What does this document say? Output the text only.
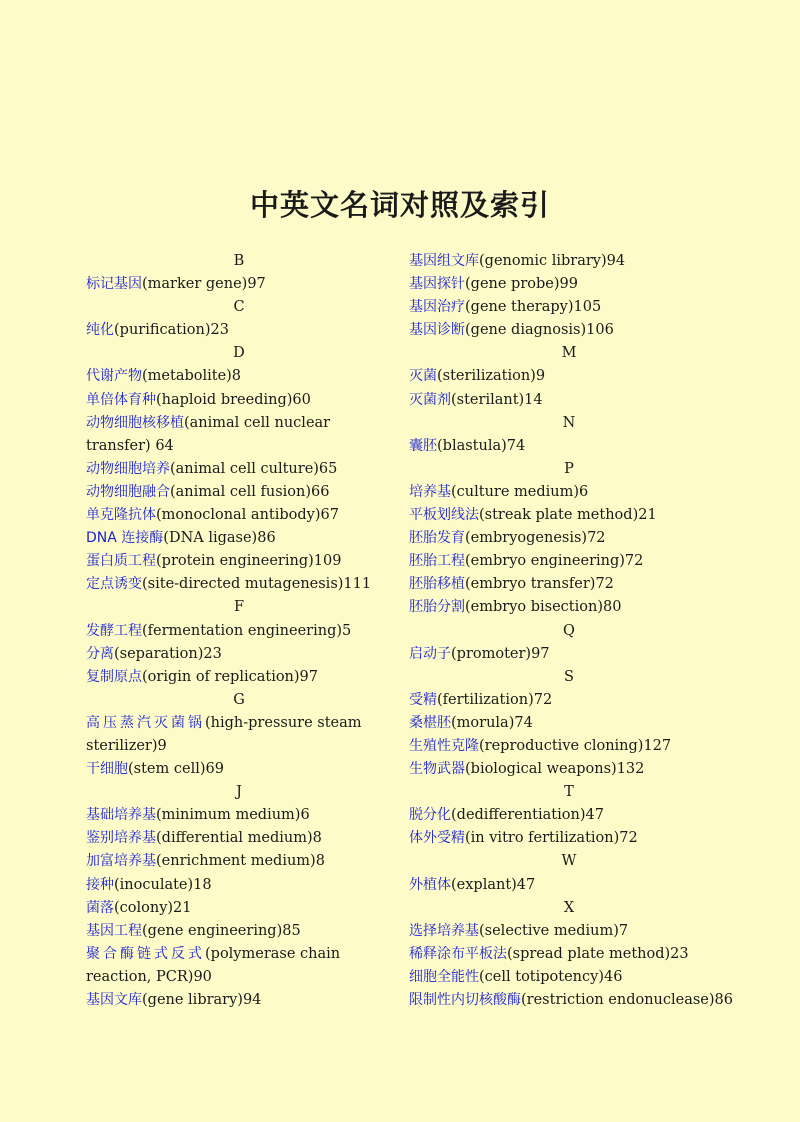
中英文名词对照及索引
B
标记基因(marker gene)97
C
纯化(purification)23
D
代谢产物(metabolite)8
单倍体育种(haploid breeding)60
动物细胞核移植(animal cell nuclear transfer) 64
动物细胞培养(animal cell culture)65
动物细胞融合(animal cell fusion)66
单克隆抗体(monoclonal antibody)67
DNA 连接酶(DNA ligase)86
蛋白质工程(protein engineering)109
定点诱变(site-directed mutagenesis)111
F
发酵工程(fermentation engineering)5
分离(separation)23
复制原点(origin of replication)97
G
高压蒸汽灭菌锅(high-pressure steam sterilizer)9
干细胞(stem cell)69
J
基础培养基(minimum medium)6
鉴别培养基(differential medium)8
加富培养基(enrichment medium)8
接种(inoculate)18
菌落(colony)21
基因工程(gene engineering)85
聚合酶链式反式(polymerase chain reaction, PCR)90
基因文库(gene library)94
基因组文库(genomic library)94
基因探针(gene probe)99
基因治疗(gene therapy)105
基因诊断(gene diagnosis)106
M
灭菌(sterilization)9
灭菌剂(sterilant)14
N
囊胚(blastula)74
P
培养基(culture medium)6
平板划线法(streak plate method)21
胚胎发育(embryogenesis)72
胚胎工程(embryo engineering)72
胚胎移植(embryo transfer)72
胚胎分割(embryo bisection)80
Q
启动子(promoter)97
S
受精(fertilization)72
桑椹胚(morula)74
生殖性克隆(reproductive cloning)127
生物武器(biological weapons)132
T
脱分化(dedifferentiation)47
体外受精(in vitro fertilization)72
W
外植体(explant)47
X
选择培养基(selective medium)7
稀释涂布平板法(spread plate method)23
细胞全能性(cell totipotency)46
限制性内切核酸酶(restriction endonuclease)86
